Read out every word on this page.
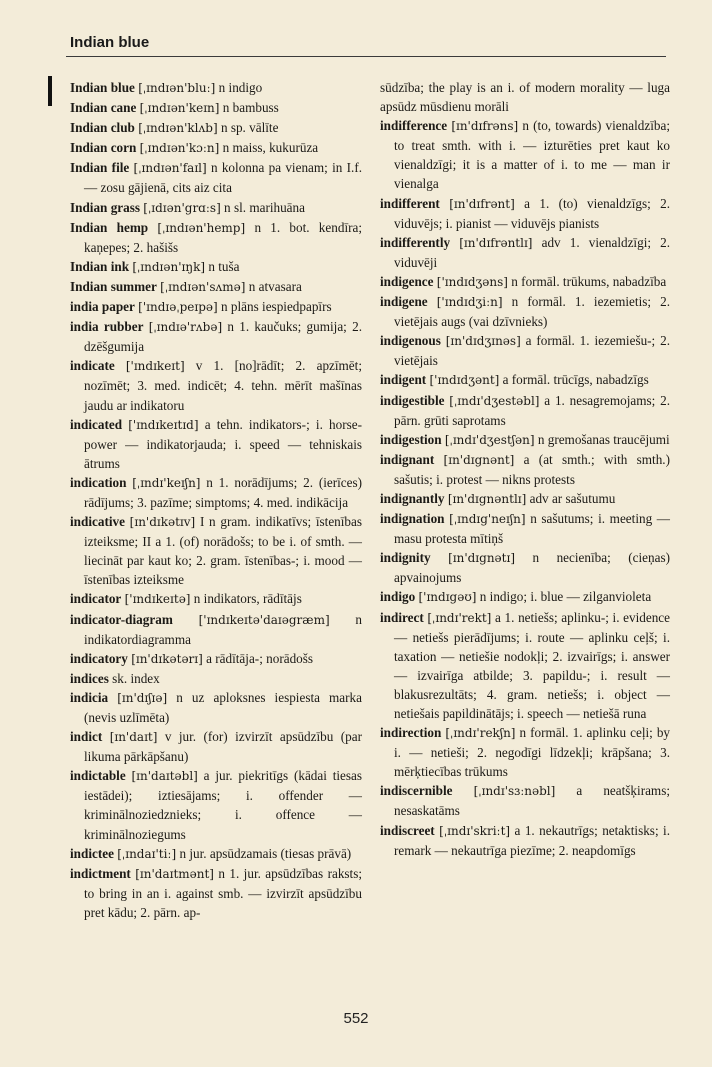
Indian blue

Indian blue [ˌɪndɪən'bluː] n indigo

Indian cane [ˌɪndɪən'keɪn] n bambuss

Indian club [ˌɪndɪən'klʌb] n sp. vālīte

Indian corn [ˌɪndɪən'kɔːn] n maiss, kukurūza

Indian file [ˌɪndɪən'faɪl] n kolonna pa vienam; in I.f. — zosu gājienā, cits aiz cita

Indian grass [ˌɪdɪən'grɑːs] n sl. marihuāna

Indian hemp [ˌɪndɪən'hemp] n 1. bot. kendīra; kaņepes; 2. hašišs

Indian ink [ˌɪndɪən'ɪŋk] n tuša

Indian summer [ˌɪndɪən'sʌmə] n atvasara

india paper ['ɪndɪəˌpeɪpə] n plāns iespiedpapīrs

india rubber [ˌɪndɪə'rʌbə] n 1. kaučuks; gumija; 2. dzēšgumija

indicate ['ɪndɪkeɪt] v 1. [no]rādīt; 2. apzīmēt; nozīmēt; 3. med. indicēt; 4. tehn. mērīt mašīnas jaudu ar indikatoru

indicated ['ɪndɪkeɪtɪd] a tehn. indikators-; i. horse-power — indikatorjauda; i. speed — tehniskais ātrums

indication [ˌɪndɪ'keɪʃn] n 1. norādījums; 2. (ierīces) rādījums; 3. pazīme; simptoms; 4. med. indikācija

indicative [ɪn'dɪkətɪv] I n gram. indikatīvs; īstenības izteiksme; II a 1. (of) norādošs; to be i. of smth. — liecināt par kaut ko; 2. gram. īstenības-; i. mood — īstenības izteiksme

indicator ['ɪndɪkeɪtə] n indikators, rādītājs

indicator-diagram ['ɪndɪkeɪtə'daɪəgræm] n indikatordiagramma

indicatory [ɪn'dɪkətərɪ] a rādītāja-; norādošs

indices sk. index

indicia [ɪn'dɪʃɪə] n uz aploksnes iespiesta marka (nevis uzlīmēta)

indict [ɪn'daɪt] v jur. (for) izvirzīt apsūdzību (par likuma pārkāpšanu)

indictable [ɪn'daɪtəbl] a jur. piekritīgs (kādai tiesas iestādei); iztiesājams; i. offender — kriminālnoziedznieks; i. offence — kriminālnoziegums

indictee [ˌɪndaɪ'tiː] n jur. apsūdzamais (tiesas prāvā)

indictment [ɪn'daɪtmənt] n 1. jur. apsūdzības raksts; to bring in an i. against smb. — izvirzīt apsūdzību pret kādu; 2. pārn. ap-

sūdzība; the play is an i. of modern morality — luga apsūdz mūsdienu morāli

indifference [ɪn'dɪfrəns] n (to, towards) vienaldzība; to treat smth. with i. — izturēties pret kaut ko vienaldzīgi; it is a matter of i. to me — man ir vienalga

indifferent [ɪn'dɪfrənt] a 1. (to) vienaldzīgs; 2. viduvējs; i. pianist — viduvējs pianists

indifferently [ɪn'dɪfrəntlɪ] adv 1. vienaldzīgi; 2. viduvēji

indigence ['ɪndɪdʒəns] n formāl. trūkums, nabadzība

indigene ['ɪndɪdʒiːn] n formāl. 1. iezemietis; 2. vietējais augs (vai dzīvnieks)

indigenous [ɪn'dɪdʒɪnəs] a formāl. 1. iezemiešu-; 2. vietējais

indigent ['ɪndɪdʒənt] a formāl. trūcīgs, nabadzīgs

indigestible [ˌɪndɪ'dʒestəbl] a 1. nesagremojams; 2. pārn. grūti saprotams

indigestion [ˌɪndɪ'dʒestʃən] n gremošanas traucējumi

indignant [ɪn'dɪgnənt] a (at smth.; with smth.) sašutis; i. protest — nikns protests

indignantly [ɪn'dɪgnəntlɪ] adv ar sašutumu

indignation [ˌɪndɪg'neɪʃn] n sašutums; i. meeting — masu protesta mītiņš

indignity [ɪn'dɪgnətɪ] n necienība; (cieņas) apvainojums

indigo ['ɪndɪgəʊ] n indigo; i. blue — zilganvioleta

indirect [ˌɪndɪ'rekt] a 1. netiešs; aplinku-; i. evidence — netiešs pierādījums; i. route — aplinku ceļš; i. taxation — netiešie nodokļi; 2. izvairīgs; i. answer — izvairīga atbilde; 3. papildu-; i. result — blakusrezultāts; 4. gram. netiešs; i. object — netiešais papildinātājs; i. speech — netiešā runa

indirection [ˌɪndɪ'rekʃn] n formāl. 1. aplinku ceļi; by i. — netieši; 2. negodīgi līdzekļi; krāpšana; 3. mērķtiecības trūkums

indiscernible [ˌɪndɪ'sɜːnəbl] a neatšķirams; nesaskatāms

indiscreet [ˌɪndɪ'skriːt] a 1. nekautrīgs; netaktisks; i. remark — nekautrīga piezīme; 2. neapdomīgs

552
